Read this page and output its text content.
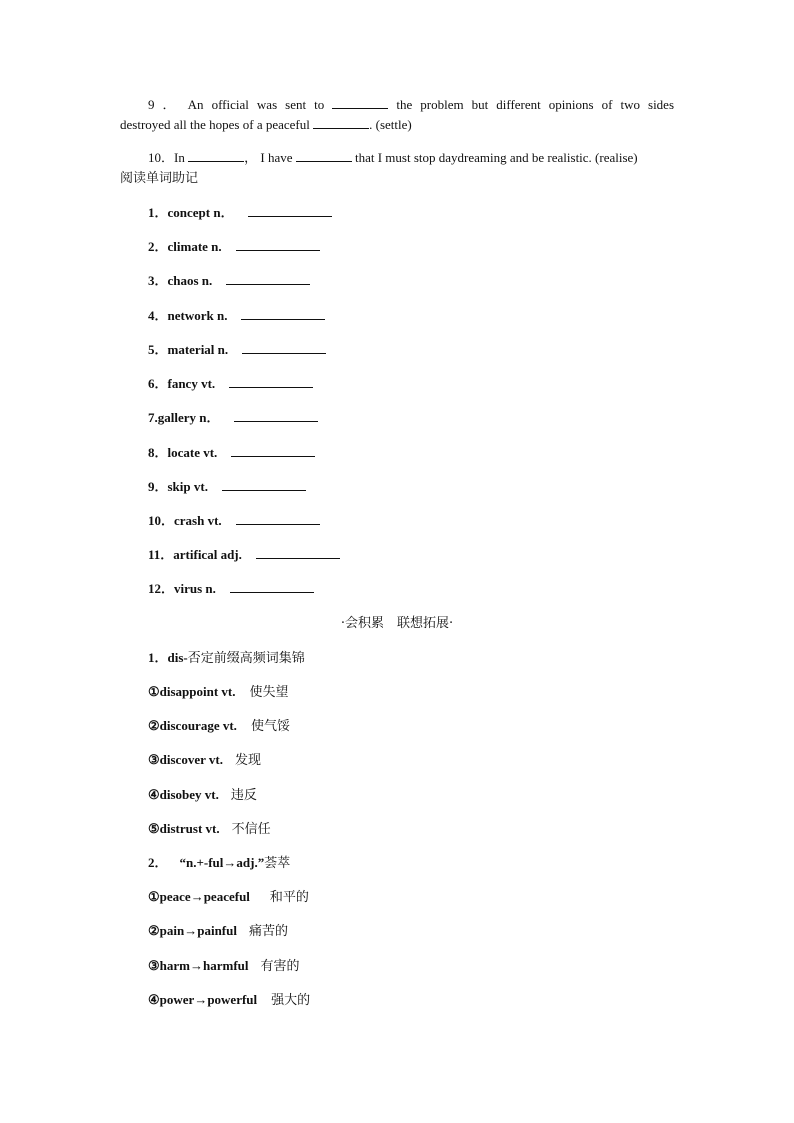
9 ． An official was sent to	the problem but different opinions of two sides
destroyed all the hopes of a peaceful	. (settle)
10．In	， I have	that I must stop daydreaming and be realistic. (realise)
阅读单词助记
1．concept n．
2．climate n.
3．chaos n.
4．network n.
5．material n.
6．fancy vt.
7.gallery n．
8．locate vt.
9．skip vt.
10．crash vt.
11．artifical adj.
12．virus n.
·会积累　联想拓展·
1．dis-否定前缀高频词集锦
①disappoint vt. 使失望
②discourage vt. 使气馁
③discover vt. 发现
④disobey vt. 违反
⑤distrust vt. 不信任
2． “n.+-ful→adj.”荟萃
①peace→peaceful 和平的
②pain→painful 痛苦的
③harm→harmful 有害的
④power→powerful 强大的
